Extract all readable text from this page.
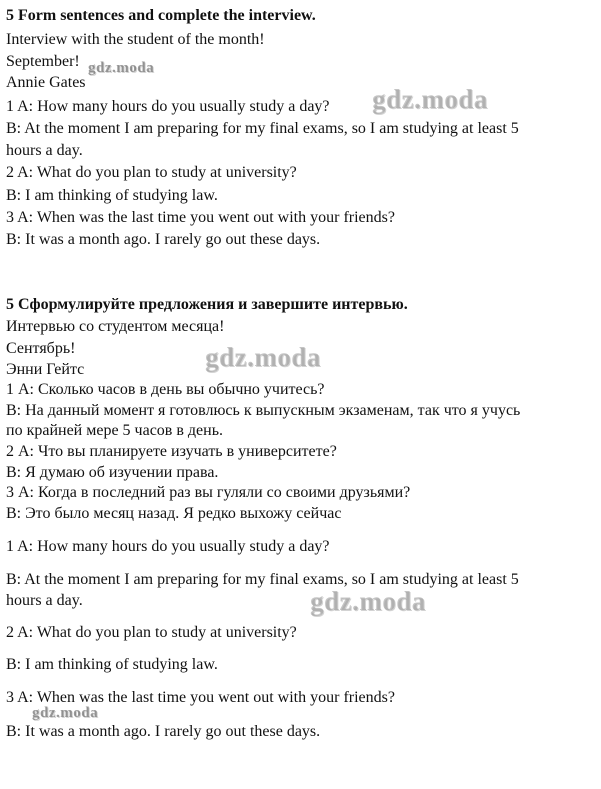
5 Form sentences and complete the interview.
Interview with the student of the month!
September!
Annie Gates
1 A: How many hours do you usually study a day?
B: At the moment I am preparing for my final exams, so I am studying at least 5
hours a day.
2 A: What do you plan to study at university?
B: I am thinking of studying law.
3 A: When was the last time you went out with your friends?
B: It was a month ago. I rarely go out these days.
5 Сформулируйте предложения и завершите интервью.
Интервью со студентом месяца!
Сентябрь!
Энни Гейтс
1 А: Сколько часов в день вы обычно учитесь?
В: На данный момент я готовлюсь к выпускным экзаменам, так что я учусь
по крайней мере 5 часов в день.
2 А: Что вы планируете изучать в университете?
В: Я думаю об изучении права.
3 А: Когда в последний раз вы гуляли со своими друзьями?
В: Это было месяц назад. Я редко выхожу сейчас
1 A: How many hours do you usually study a day?
B: At the moment I am preparing for my final exams, so I am studying at least 5
hours a day.
2 A: What do you plan to study at university?
B: I am thinking of studying law.
3 A: When was the last time you went out with your friends?
B: It was a month ago. I rarely go out these days.
gdz.moda
gdz.moda
gdz.moda
gdz.moda
gdz.moda
